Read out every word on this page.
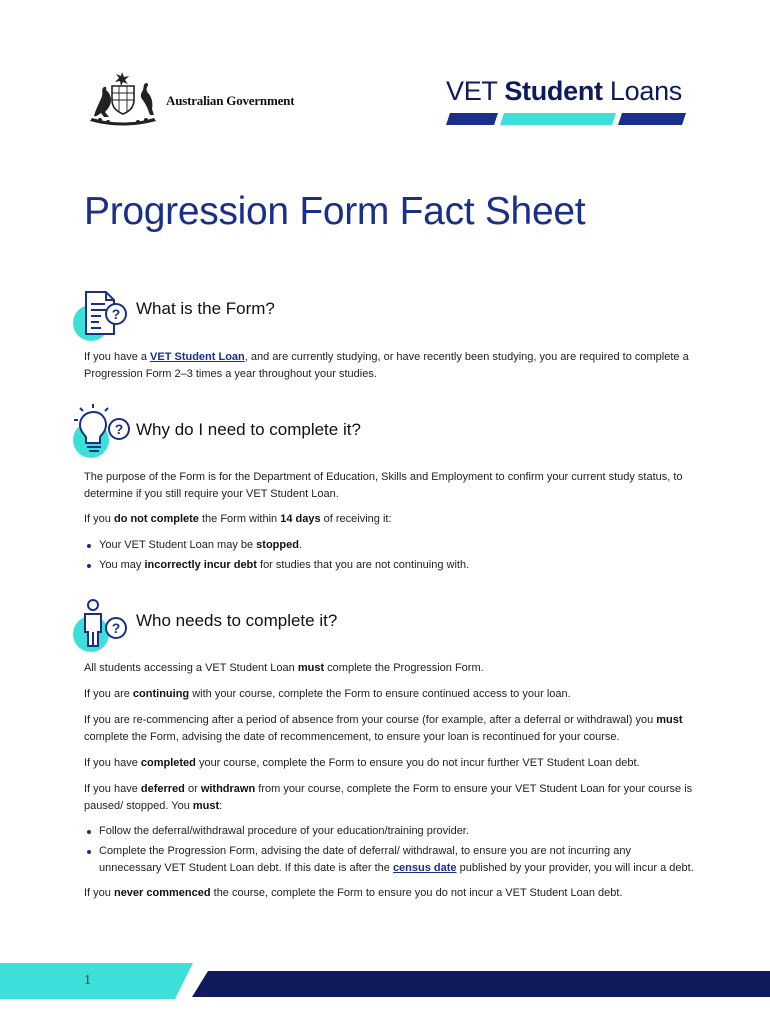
Australian Government	VET Student Loans
Progression Form Fact Sheet
? What is the Form?

If you have a VET Student Loan, and are currently studying, or have recently been studying, you are required to complete a Progression Form 2–3 times a year throughout your studies.

? Why do I need to complete it?

The purpose of the Form is for the Department of Education, Skills and Employment to confirm your current study status, to determine if you still require your VET Student Loan.

If you do not complete the Form within 14 days of receiving it:

Your VET Student Loan may be stopped.
You may incorrectly incur debt for studies that you are not continuing with.
? Who needs to complete it?

All students accessing a VET Student Loan must complete the Progression Form.

If you are continuing with your course, complete the Form to ensure continued access to your loan.

If you are re-commencing after a period of absence from your course (for example, after a deferral or withdrawal) you must complete the Form, advising the date of recommencement, to ensure your loan is recontinued for your course.

If you have completed your course, complete the Form to ensure you do not incur further VET Student Loan debt.

If you have deferred or withdrawn from your course, complete the Form to ensure your VET Student Loan for your course is paused/ stopped. You must:

Follow the deferral/withdrawal procedure of your education/training provider.
Complete the Progression Form, advising the date of deferral/ withdrawal, to ensure you are not incurring any unnecessary VET Student Loan debt. If this date is after the census date published by your provider, you will incur a debt.

If you never commenced the course, complete the Form to ensure you do not incur a VET Student Loan debt.

1
